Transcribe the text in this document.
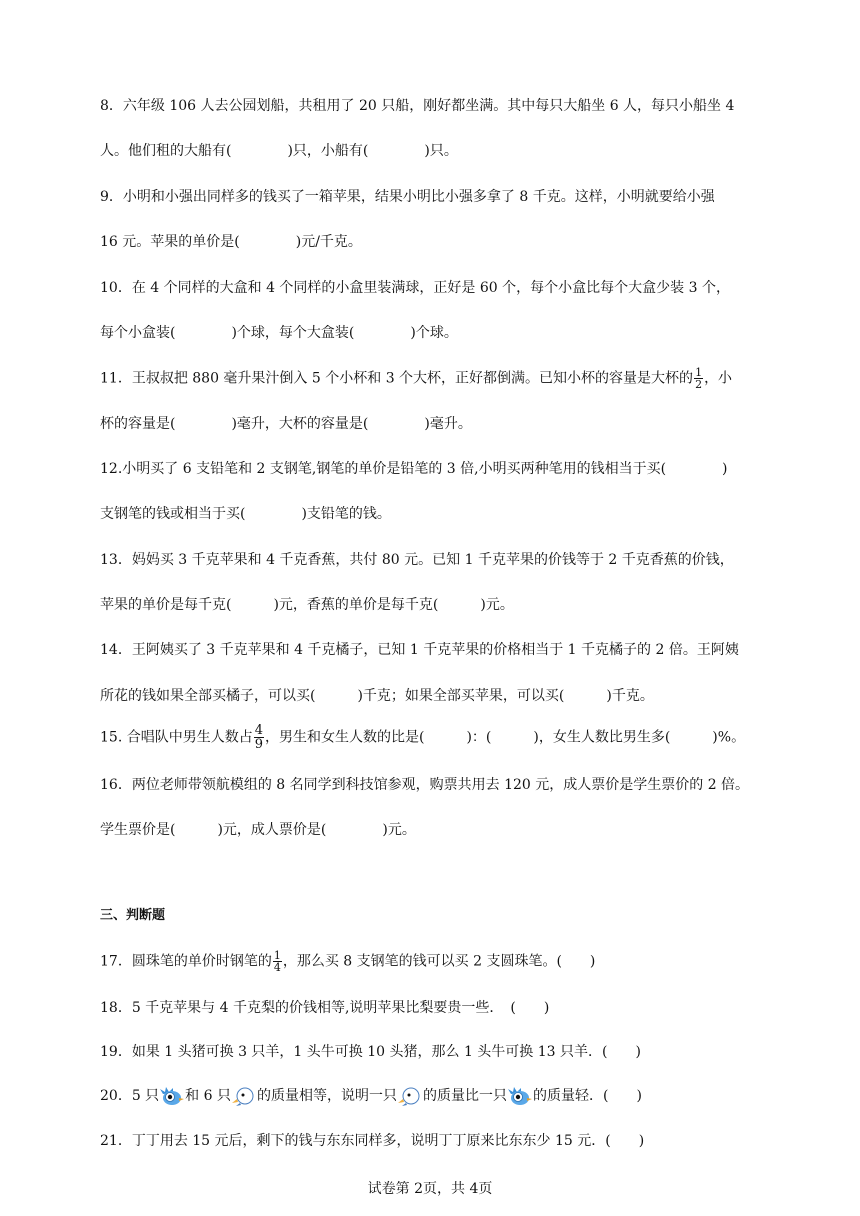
8．六年级 106 人去公园划船，共租用了 20 只船，刚好都坐满。其中每只大船坐 6 人，每只小船坐 4
人。他们租的大船有(　　　　)只，小船有(　　　　)只。
9．小明和小强出同样多的钱买了一箱苹果，结果小明比小强多拿了 8 千克。这样，小明就要给小强
16 元。苹果的单价是(　　　　)元/千克。
10．在 4 个同样的大盒和 4 个同样的小盒里装满球，正好是 60 个，每个小盒比每个大盒少装 3 个，
每个小盒装(　　　　)个球，每个大盒装(　　　　)个球。
11．王叔叔把 880 毫升果汁倒入 5 个小杯和 3 个大杯，正好都倒满。已知小杯的容量是大杯的 $\frac{1}{2}$ ，小
杯的容量是(　　　　)毫升，大杯的容量是(　　　　)毫升。
12.小明买了 6 支铅笔和 2 支钢笔,钢笔的单价是铅笔的 3 倍,小明买两种笔用的钱相当于买(　　　　)
支钢笔的钱或相当于买(　　　　)支铅笔的钱。
13．妈妈买 3 千克苹果和 4 千克香蕉，共付 80 元。已知 1 千克苹果的价钱等于 2 千克香蕉的价钱，
苹果的单价是每千克(　　　)元，香蕉的单价是每千克(　　　)元。
14．王阿姨买了 3 千克苹果和 4 千克橘子，已知 1 千克苹果的价格相当于 1 千克橘子的 2 倍。王阿姨
所花的钱如果全部买橘子，可以买(　　　)千克；如果全部买苹果，可以买(　　　)千克。
15. 合唱队中男生人数占 $\frac{4}{9}$ ，男生和女生人数的比是(　　　)：(　　　)，女生人数比男生多(　　　)%。
16．两位老师带领航模组的 8 名同学到科技馆参观，购票共用去 120 元，成人票价是学生票价的 2 倍。
学生票价是(　　　)元，成人票价是(　　　　)元。
三、判断题
17．圆珠笔的单价时钢笔的 $\frac{1}{4}$ ，那么买 8 支钢笔的钱可以买 2 支圆珠笔。(　　)
18．5 千克苹果与 4 千克梨的价钱相等,说明苹果比梨要贵一些．　(　　)
19．如果 1 头猪可换 3 只羊，1 头牛可换 10 头猪，那么 1 头牛可换 13 只羊．(　　)
20．5 只 和 6 只 的质量相等，说明一只 的质量比一只 的质量轻．(　　)
21．丁丁用去 15 元后，剩下的钱与东东同样多，说明丁丁原来比东东少 15 元．(　　)
试卷第 2页，共 4页
